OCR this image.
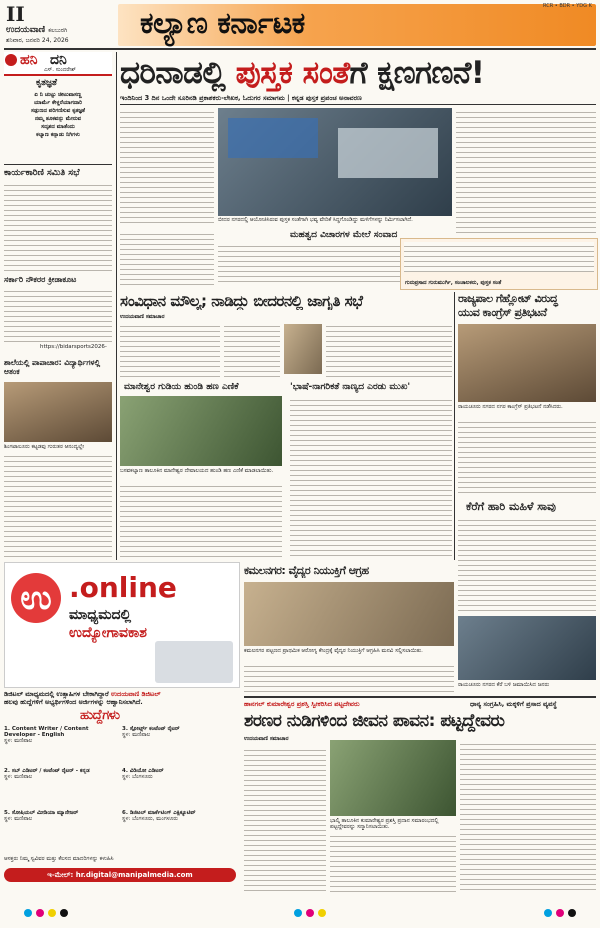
II
ಉದಯವಾಣಿ ಕಲಬುರಗಿ
ಶನಿವಾರ, ಜನವರಿ 24, 2026 ಕಲ್ಯಾಣ ಕರ್ನಾಟಕ	RCR • BDR • YDG K
ಹನಿ ದನಿ
ಎಸ್. ಸುಂದರೇಶ್
ಕೃತಜ್ಞತೆ
ಏ ನಿ ಚುಟ್ಟು ಚೀಟುವಾಸಣ್ಣ
ಯಾರ್ಮೆ ಕೇಳ್ದರೆಯಾಗದಾರಿ
ಸಡ್ಗುಣದ ಪರಿಗಣಿಸುವ ಕೃತಜ್ಞತೆ
ನಮ್ಮ ತೂಕವನ್ನು ಮೇರುವ
ಸದೃಶದ ಮಾತೆಂದು
ಕಲ್ಯಾಣ ಕನ್ನಾಡು ನಿಗಿಗಳು
ಕಾರ್ಯಕಾರಿಣಿ ಸಮಿತಿ ಸಭೆ
ಸರ್ಕಾರಿ ನೌಕರರ ಕ್ರೀಡಾಕೂಟ
https://bidarsports2026-
ಶಾಲೆಯಲ್ಲಿ ಪಾಪಾಚಾರ: ವಿದ್ಯಾರ್ಥಿಗಳಲ್ಲಿ ಆತಂಕ
ಶಿಂಗಟಾಲೂರು ಕಟ್ಟಡವು ಗುರುತರ ಆನಂದ್ಯಲ್ಲೇ
ಧರಿನಾಡಲ್ಲಿ ಪುಸ್ತಕ ಸಂತೆಗೆ ಕ್ಷಣಗಣನೆ!
ಇಂದಿನಿಂದ 3 ದಿನ ಒಂದೇ ಸೂರಿನಡಿ ಪ್ರಕಾಶಕರು-ಲೇಖಕ, ಓದುಗರ ಸಮಾಗಮ | ಕನ್ನಡ ಪುಸ್ತಕ ಪ್ರಪಂಚ ಅನಾವರಣ
ಬೀದರ ನಗರದಲ್ಲಿ ಆಯೋಜಿಸಿರುವ ಪುಸ್ತಕ ಸಂತೆಗಾಗಿ ಭವ್ಯ ವೇದಿಕೆ ಸಿದ್ಧಗೊಂಡಿದ್ದು ಮಳಿಗೆಗಳನ್ನು ನಿರ್ಮಿಸಲಾಗಿದೆ.
ಮಹತ್ವದ ವಿಚಾರಗಳ ಮೇಲೆ ಸಂವಾದ
ಗುರುಪ್ರಸಾದ ಗುರುಮುರ್ಗಿ, ಸಂಚಾಲಕರು, ಪುಸ್ತಕ ಸಂತೆ
ಸಂವಿಧಾನ ಮೌಲ್ಯ; ನಾಡಿದ್ದು ಬೀದರನಲ್ಲಿ ಜಾಗೃತಿ ಸಭೆ
ಉದಯವಾಣಿ ಸಮಾಚಾರ
ಮಾನೇಶ್ವರ ಗುಡಿಯ ಹುಂಡಿ ಹಣ ಎಣಿಕೆ
ಬಸವಕಲ್ಯಾಣ ತಾಲೂಕಿನ ಮಾನೇಶ್ವರ ದೇವಾಲಯದ ಹುಂಡಿ ಹಣ ಎಣಿಕೆ ಮಾಡಲಾಯಿತು.
'ಭಾಷೆ-ನಾಗರಿಕತೆ ನಾಣ್ಯದ ಎರಡು ಮುಖ'
ರಾಜ್ಯಪಾಲ ಗೆಹ್ಲೋಟ್ ವಿರುದ್ಧ
ಯುವ ಕಾಂಗ್ರೆಸ್ ಪ್ರತಿಭಟನೆ
ರಾಯಚೂರು ನಗರದ ನಗರ ಕಾಂಗ್ರೆಸ್ ಪ್ರತಿಭಟನೆ ನಡೆಸಿದರು.
ಕೆರೆಗೆ ಹಾರಿ ಮಹಿಳೆ ಸಾವು
ರಾಯಚೂರು ನಗರದ ಕೆರೆ ಬಳಿ ಜಮಾಯಿಸಿದ ಜನರು
ಉ .online
ಮಾಧ್ಯಮದಲ್ಲಿ
ಉದ್ಯೋಗಾವಕಾಶ
ಡಿಜಿಟಲ್ ಮಾಧ್ಯಮದಲ್ಲಿ ಉತ್ಸಾಹಿಗಳ ಬೇಕಾಗಿದ್ದಾರೆ ಉದಯವಾಣಿ ಡಿಜಿಟಲ್
ಹಲವು ಹುದ್ದೆಗಳಿಗೆ ಅಭ್ಯರ್ಥಿಗಳಿಂದ ಅರ್ಜಿಗಳನ್ನು ಆಹ್ವಾನಿಸಲಾಗಿದೆ.
ಹುದ್ದೆಗಳು
1. Content Writer / Content Developer - English
ಸ್ಥಳ: ಮಣಿಪಾಲ
3. ಸ್ಪೋರ್ಟ್ಸ್ ಕಂಟೆಂಟ್ ರೈಟರ್
ಸ್ಥಳ: ಮಣಿಪಾಲ
2. ಸಬ್ ಎಡಿಟರ್ / ಕಂಟೆಂಟ್ ರೈಟರ್ - ಕನ್ನಡ
ಸ್ಥಳ: ಮಣಿಪಾಲ
4. ವಿಡಿಯೋ ಎಡಿಟರ್
ಸ್ಥಳ: ಬೆಂಗಳೂರು
5. ಸೋಷಿಯಲ್ ಮೀಡಿಯಾ ಮ್ಯಾನೇಜರ್
ಸ್ಥಳ: ಮಣಿಪಾಲ
6. ಡಿಜಿಟಲ್ ಮಾರ್ಕೆಟಿಂಗ್ ಎಕ್ಸಿಕ್ಯೂಟಿವ್
ಸ್ಥಳ: ಬೆಂಗಳೂರು, ಮಂಗಳೂರು
ಆಸಕ್ತರು ನಿಮ್ಮ ಸ್ವವಿವರ ಮತ್ತು ಕೆಲಸದ ಮಾದರಿಗಳನ್ನು ಕಳುಹಿಸಿ
ಇ-ಮೇಲ್: hr.digital@manipalmedia.com
ಕಮಲನಗರ: ವೈದ್ಯರ ನಿಯುಕ್ತಿಗೆ ಆಗ್ರಹ
ಕಮಲನಗರ ಪಟ್ಟಣದ ಪ್ರಾಥಮಿಕ ಆರೋಗ್ಯ ಕೇಂದ್ರಕ್ಕೆ ವೈದ್ಯರ ನಿಯುಕ್ತಿಗೆ ಆಗ್ರಹಿಸಿ ಮನವಿ ಸಲ್ಲಿಸಲಾಯಿತು.
ಹಾನಗಲ್ ಕುಮಾರೇಶ್ವರ ಪ್ರಶಸ್ತಿ ಸ್ವೀಕರಿಸಿದ ಪಟ್ಟದೇವರು	ಧಾನ್ಯ ಸಂಗ್ರಹಿಸಿ, ಮಕ್ಕಳಿಗೆ ಪ್ರಸಾದ ವ್ಯವಸ್ಥೆ
ಶರಣರ ನುಡಿಗಳಿಂದ ಜೀವನ ಪಾವನ: ಪಟ್ಟದ್ದೇವರು
ಉದಯವಾಣಿ ಸಮಾಚಾರ
ಭಾಲ್ಕಿ ತಾಲೂಕಿನ ಕುಮಾರೇಶ್ವರ ಪ್ರಶಸ್ತಿ ಪ್ರದಾನ ಸಮಾರಂಭದಲ್ಲಿ ಪಟ್ಟದ್ದೇವರನ್ನು ಸನ್ಮಾನಿಸಲಾಯಿತು.
